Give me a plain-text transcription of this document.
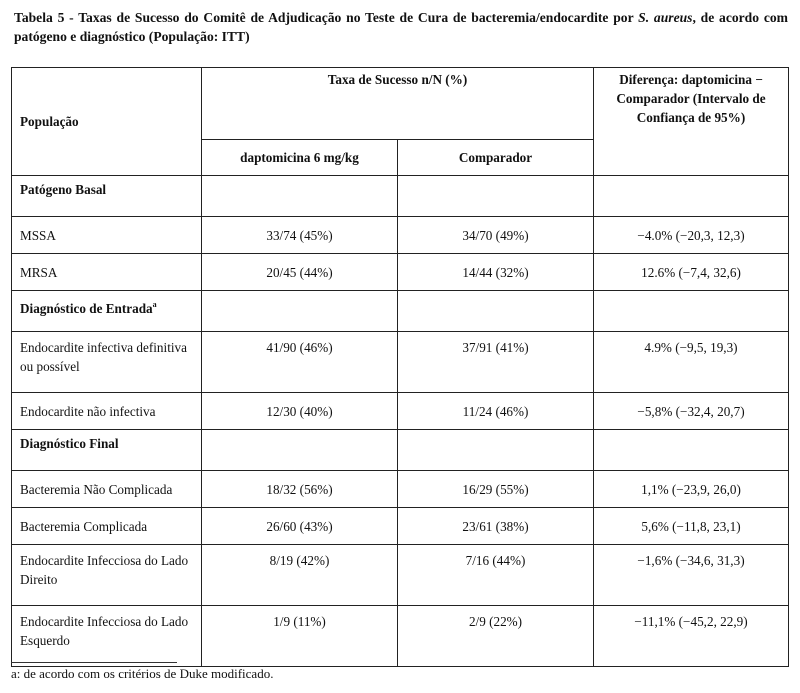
Tabela 5 - Taxas de Sucesso do Comitê de Adjudicação no Teste de Cura de bacteremia/endocardite por S. aureus, de acordo com patógeno e diagnóstico (População: ITT)
População	Taxa de Sucesso n/N (%)		Diferença: daptomicina − Comparador (Intervalo de Confiança de 95%)
	daptomicina 6 mg/kg	Comparador	
Patógeno Basal			
MSSA	33/74 (45%)	34/70 (49%)	−4.0% (−20,3, 12,3)
MRSA	20/45 (44%)	14/44 (32%)	12.6% (−7,4, 32,6)
Diagnóstico de Entrada$^a$			
Endocardite infectiva definitiva ou possível	41/90 (46%)	37/91 (41%)	4.9% (−9,5, 19,3)
Endocardite não infectiva	12/30 (40%)	11/24 (46%)	−5,8% (−32,4, 20,7)
Diagnóstico Final			
Bacteremia Não Complicada	18/32 (56%)	16/29 (55%)	1,1% (−23,9, 26,0)
Bacteremia Complicada	26/60 (43%)	23/61 (38%)	5,6% (−11,8, 23,1)
Endocardite Infecciosa do Lado Direito	8/19 (42%)	7/16 (44%)	−1,6% (−34,6, 31,3)
Endocardite Infecciosa do Lado Esquerdo	1/9 (11%)	2/9 (22%)	−11,1% (−45,2, 22,9)
a: de acordo com os critérios de Duke modificado.
